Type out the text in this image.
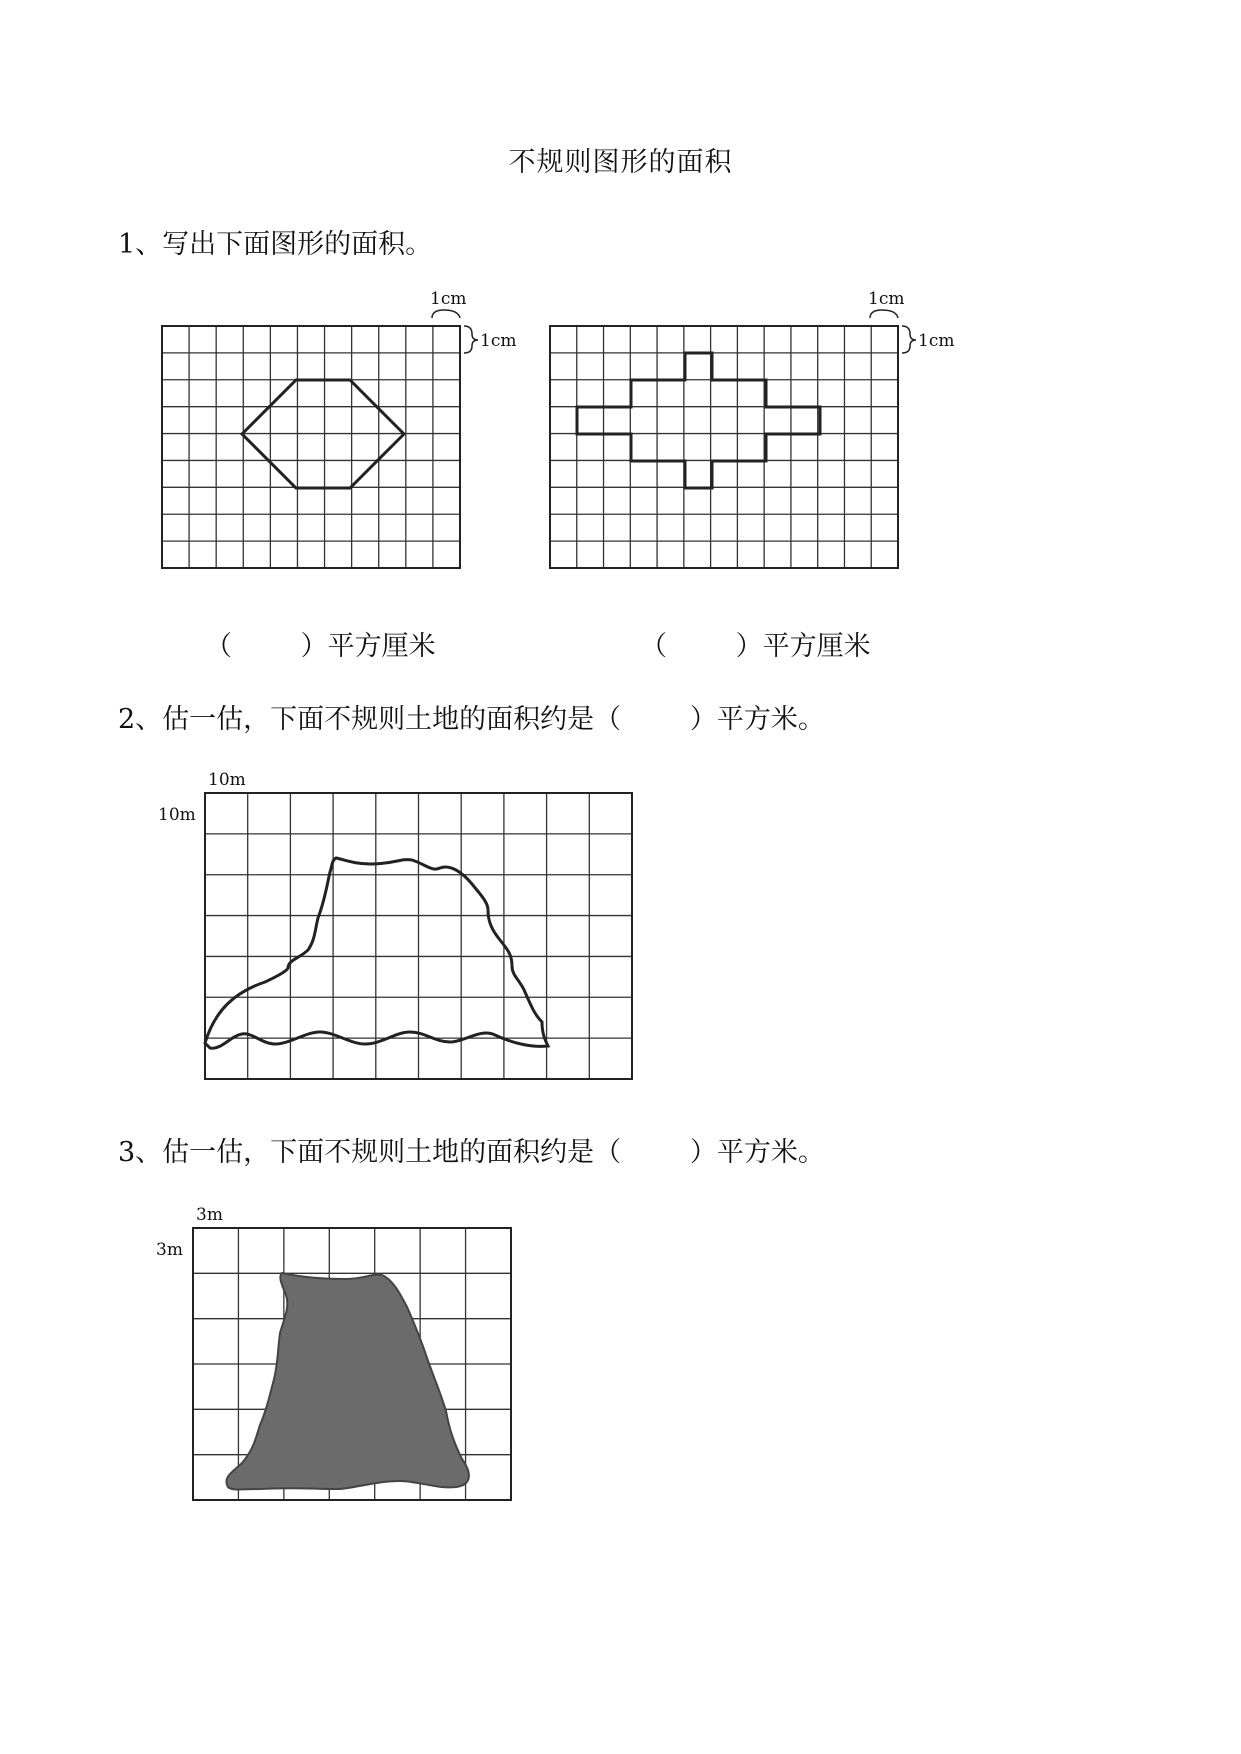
不规则图形的面积
1、写出下面图形的面积。
1cm
1cm
1cm
1cm
（        ）平方厘米	（        ）平方厘米
2、估一估，下面不规则土地的面积约是（        ）平方米。
10m
10m
3、估一估，下面不规则土地的面积约是（        ）平方米。
3m
3m
